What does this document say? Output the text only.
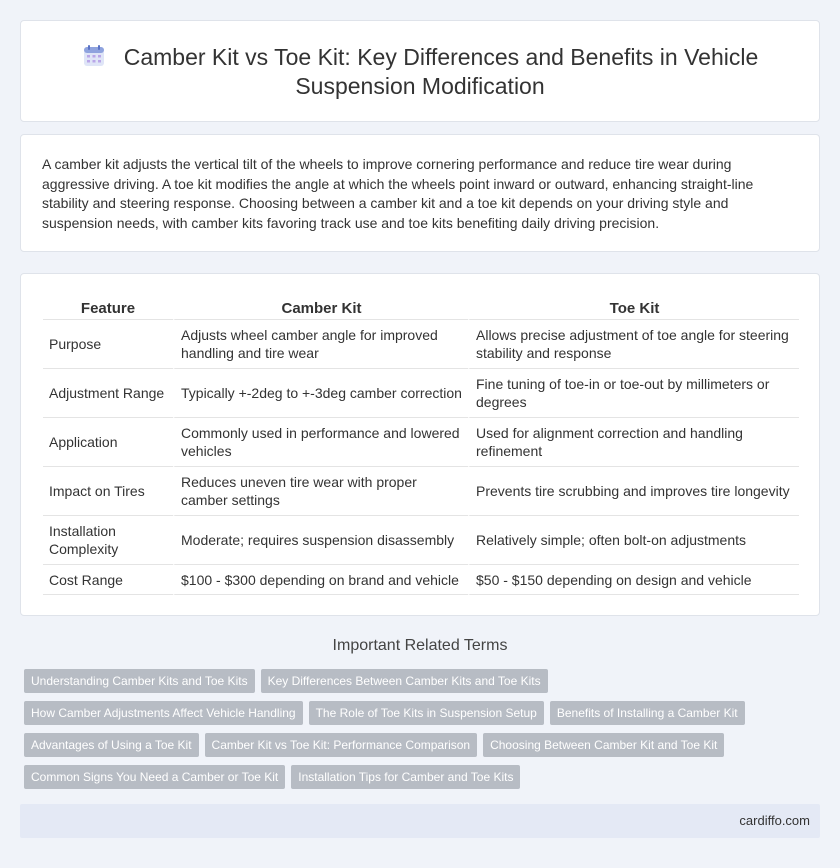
Camber Kit vs Toe Kit: Key Differences and Benefits in Vehicle Suspension Modification

A camber kit adjusts the vertical tilt of the wheels to improve cornering performance and reduce tire wear during aggressive driving. A toe kit modifies the angle at which the wheels point inward or outward, enhancing straight-line stability and steering response. Choosing between a camber kit and a toe kit depends on your driving style and suspension needs, with camber kits favoring track use and toe kits benefiting daily driving precision.

Feature	Camber Kit	Toe Kit
Purpose	Adjusts wheel camber angle for improved handling and tire wear	Allows precise adjustment of toe angle for steering stability and response
Adjustment Range	Typically +-2deg to +-3deg camber correction	Fine tuning of toe-in or toe-out by millimeters or degrees
Application	Commonly used in performance and lowered vehicles	Used for alignment correction and handling refinement
Impact on Tires	Reduces uneven tire wear with proper camber settings	Prevents tire scrubbing and improves tire longevity
Installation Complexity	Moderate; requires suspension disassembly	Relatively simple; often bolt-on adjustments
Cost Range	$100 - $300 depending on brand and vehicle	$50 - $150 depending on design and vehicle
Important Related Terms
Understanding Camber Kits and Toe Kits Key Differences Between Camber Kits and Toe Kits
How Camber Adjustments Affect Vehicle Handling The Role of Toe Kits in Suspension Setup Benefits of Installing a Camber Kit
Advantages of Using a Toe Kit Camber Kit vs Toe Kit: Performance Comparison Choosing Between Camber Kit and Toe Kit
Common Signs You Need a Camber or Toe Kit Installation Tips for Camber and Toe Kits
cardiffo.com
